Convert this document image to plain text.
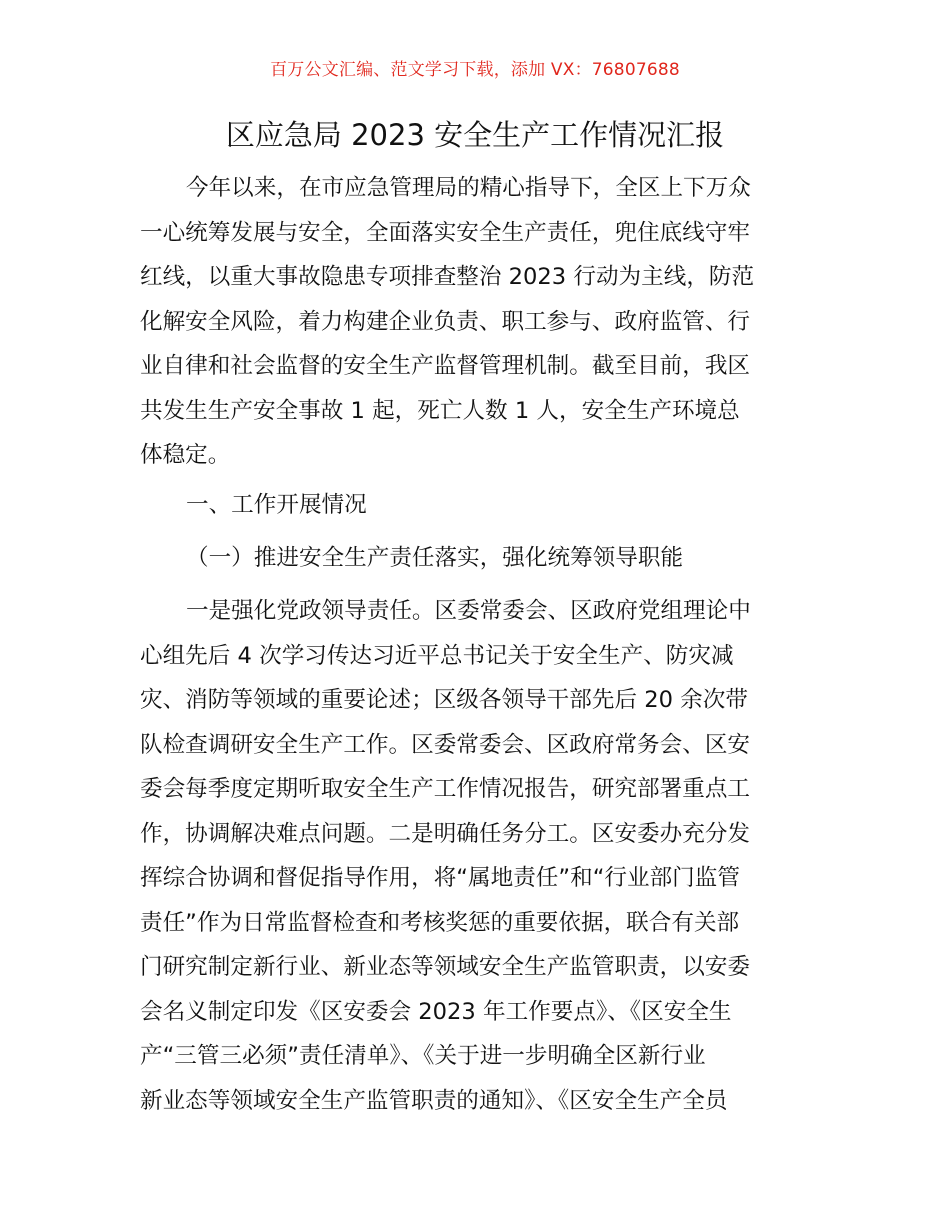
百万公文汇编、范文学习下载，添加 VX：76807688
区应急局 2023 安全生产工作情况汇报
今年以来，在市应急管理局的精心指导下，全区上下万众
一心统筹发展与安全，全面落实安全生产责任，兜住底线守牢
红线，以重大事故隐患专项排查整治 2023 行动为主线，防范
化解安全风险，着力构建企业负责、职工参与、政府监管、行
业自律和社会监督的安全生产监督管理机制。截至目前，我区
共发生生产安全事故 1 起，死亡人数 1 人，安全生产环境总
体稳定。
一、工作开展情况
（一）推进安全生产责任落实，强化统筹领导职能
一是强化党政领导责任。区委常委会、区政府党组理论中
心组先后 4 次学习传达习近平总书记关于安全生产、防灾减
灾、消防等领域的重要论述；区级各领导干部先后 20 余次带
队检查调研安全生产工作。区委常委会、区政府常务会、区安
委会每季度定期听取安全生产工作情况报告，研究部署重点工
作，协调解决难点问题。二是明确任务分工。区安委办充分发
挥综合协调和督促指导作用，将“属地责任”和“行业部门监管
责任”作为日常监督检查和考核奖惩的重要依据，联合有关部
门研究制定新行业、新业态等领域安全生产监管职责，以安委
会名义制定印发《区安委会 2023 年工作要点》、《区安全生
产“三管三必须”责任清单》、《关于进一步明确全区新行业
新业态等领域安全生产监管职责的通知》、《区安全生产全员
